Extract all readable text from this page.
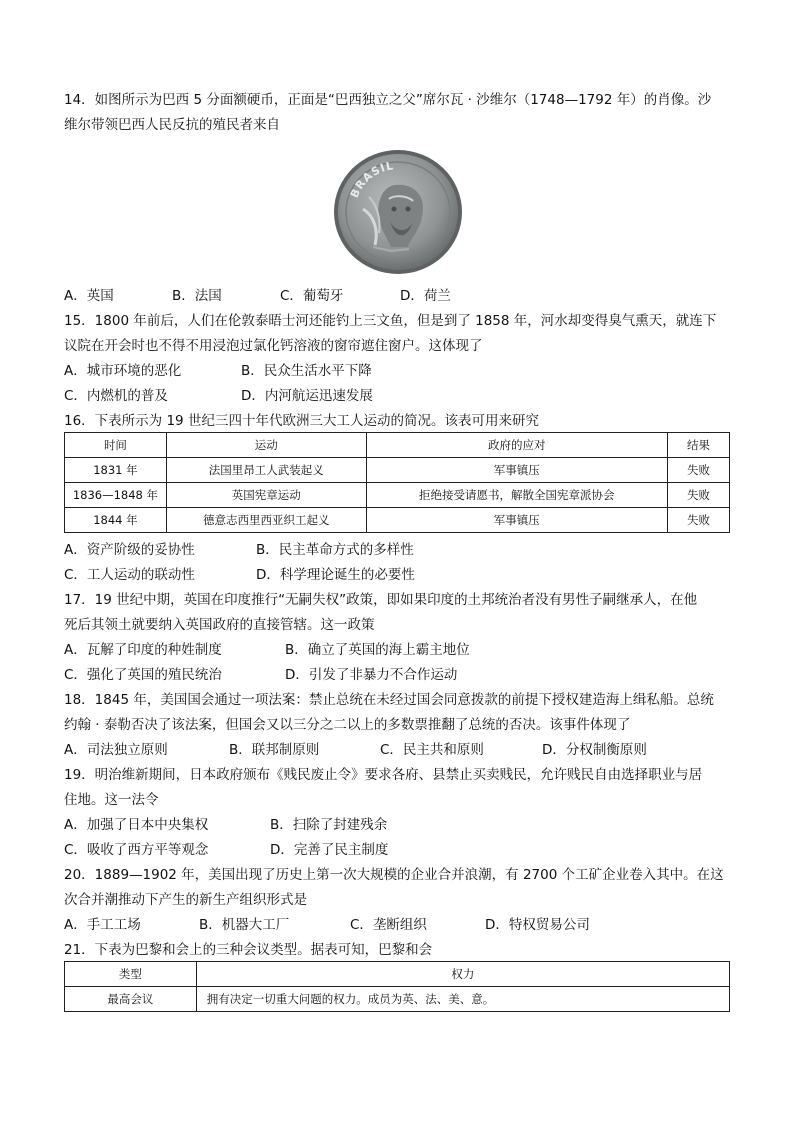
14．如图所示为巴西 5 分面额硬币，正面是“巴西独立之父”席尔瓦 · 沙维尔（1748—1792 年）的肖像。沙
维尔带领巴西人民反抗的殖民者来自
BRASIL
A．英国	B．法国	C．葡萄牙	D．荷兰
15．1800 年前后，人们在伦敦泰晤士河还能钓上三文鱼，但是到了 1858 年，河水却变得臭气熏天，就连下
议院在开会时也不得不用浸泡过氯化钙溶液的窗帘遮住窗户。这体现了
A．城市环境的恶化	B．民众生活水平下降
C．内燃机的普及	D．内河航运迅速发展
16．下表所示为 19 世纪三四十年代欧洲三大工人运动的简况。该表可用来研究
时间	运动	政府的应对	结果
1831 年	法国里昂工人武装起义	军事镇压	失败
1836—1848 年	英国宪章运动	拒绝接受请愿书，解散全国宪章派协会	失败
1844 年	德意志西里西亚织工起义	军事镇压	失败
A．资产阶级的妥协性	B．民主革命方式的多样性
C．工人运动的联动性	D．科学理论诞生的必要性
17．19 世纪中期，英国在印度推行“无嗣失权”政策，即如果印度的土邦统治者没有男性子嗣继承人，在他
死后其领土就要纳入英国政府的直接管辖。这一政策
A．瓦解了印度的种姓制度	B．确立了英国的海上霸主地位
C．强化了英国的殖民统治	D．引发了非暴力不合作运动
18．1845 年，美国国会通过一项法案：禁止总统在未经过国会同意拨款的前提下授权建造海上缉私船。总统
约翰 · 泰勒否决了该法案，但国会又以三分之二以上的多数票推翻了总统的否决。该事件体现了
A．司法独立原则	B．联邦制原则	C．民主共和原则	D．分权制衡原则
19．明治维新期间，日本政府颁布《贱民废止令》要求各府、县禁止买卖贱民，允许贱民自由选择职业与居
住地。这一法令
A．加强了日本中央集权	B．扫除了封建残余
C．吸收了西方平等观念	D．完善了民主制度
20．1889—1902 年，美国出现了历史上第一次大规模的企业合并浪潮，有 2700 个工矿企业卷入其中。在这
次合并潮推动下产生的新生产组织形式是
A．手工工场	B．机器大工厂	C．垄断组织	D．特权贸易公司
21．下表为巴黎和会上的三种会议类型。据表可知，巴黎和会
类型	权力
最高会议	拥有决定一切重大问题的权力。成员为英、法、美、意。
